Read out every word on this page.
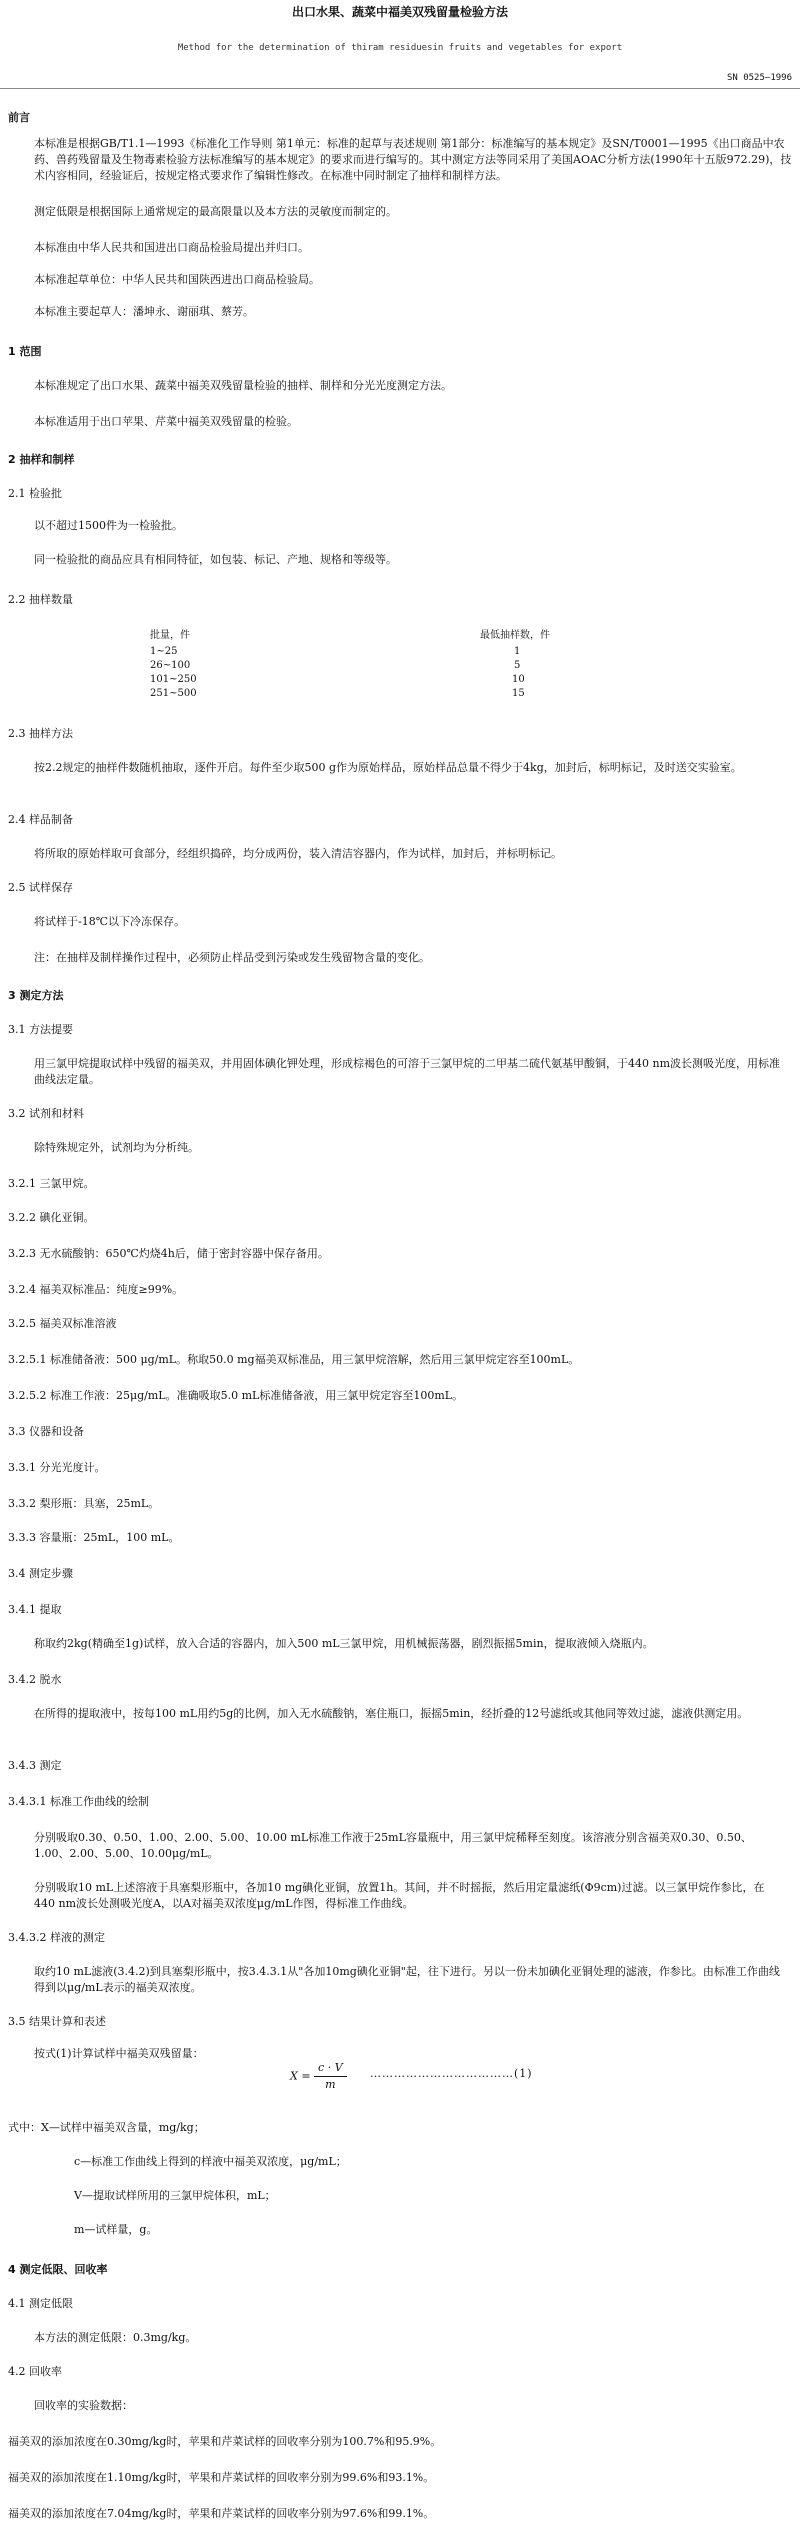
出口水果、蔬菜中福美双残留量检验方法
Method for the determination of thiram residuesin fruits and vegetables for export
SN 0525—1996
前言
本标准是根据GB/T1.1—1993《标准化工作导则 第1单元：标准的起草与表述规则 第1部分：标准编写的基本规定》及SN/T0001—1995《出口商品中农药、兽药残留量及生物毒素检验方法标准编写的基本规定》的要求而进行编写的。其中测定方法等同采用了美国AOAC分析方法(1990年十五版972.29)，技术内容相同，经验证后，按规定格式要求作了编辑性修改。在标准中同时制定了抽样和制样方法。
测定低限是根据国际上通常规定的最高限量以及本方法的灵敏度而制定的。
本标准由中华人民共和国进出口商品检验局提出并归口。
本标准起草单位：中华人民共和国陕西进出口商品检验局。
本标准主要起草人：潘坤永、谢丽琪、蔡芳。
1 范围
本标准规定了出口水果、蔬菜中福美双残留量检验的抽样、制样和分光光度测定方法。
本标准适用于出口苹果、芹菜中福美双残留量的检验。
2 抽样和制样
2.1 检验批
以不超过1500件为一检验批。
同一检验批的商品应具有相同特征，如包装、标记、产地、规格和等级等。
2.2 抽样数量
批量，件	最低抽样数，件
1~25	1
26~100	5
101~250	10
251~500	15
2.3 抽样方法
按2.2规定的抽样件数随机抽取，逐件开启。每件至少取500 g作为原始样品，原始样品总量不得少于4kg，加封后，标明标记，及时送交实验室。
2.4 样品制备
将所取的原始样取可食部分，经组织捣碎，均分成两份，装入清洁容器内，作为试样，加封后，并标明标记。
2.5 试样保存
将试样于-18℃以下冷冻保存。
注：在抽样及制样操作过程中，必须防止样品受到污染或发生残留物含量的变化。
3 测定方法
3.1 方法提要
用三氯甲烷提取试样中残留的福美双，并用固体碘化钾处理，形成棕褐色的可溶于三氯甲烷的二甲基二硫代氨基甲酸铜，于440 nm波长测吸光度，用标准曲线法定量。
3.2 试剂和材料
除特殊规定外，试剂均为分析纯。
3.2.1 三氯甲烷。
3.2.2 碘化亚铜。
3.2.3 无水硫酸钠：650℃灼烧4h后，储于密封容器中保存备用。
3.2.4 福美双标准品：纯度≥99%。
3.2.5 福美双标准溶液
3.2.5.1 标准储备液：500 μg/mL。称取50.0 mg福美双标准品，用三氯甲烷溶解，然后用三氯甲烷定容至100mL。
3.2.5.2 标准工作液：25μg/mL。准确吸取5.0 mL标准储备液，用三氯甲烷定容至100mL。
3.3 仪器和设备
3.3.1 分光光度计。
3.3.2 梨形瓶：具塞，25mL。
3.3.3 容量瓶：25mL，100 mL。
3.4 测定步骤
3.4.1 提取
称取约2kg(精确至1g)试样，放入合适的容器内，加入500 mL三氯甲烷，用机械振荡器，剧烈振摇5min，提取液倾入烧瓶内。
3.4.2 脱水
在所得的提取液中，按每100 mL用约5g的比例，加入无水硫酸钠，塞住瓶口，振摇5min，经折叠的12号滤纸或其他同等效过滤，滤液供测定用。
3.4.3 测定
3.4.3.1 标准工作曲线的绘制
分别吸取0.30、0.50、1.00、2.00、5.00、10.00 mL标准工作液于25mL容量瓶中，用三氯甲烷稀释至刻度。该溶液分别含福美双0.30、0.50、1.00、2.00、5.00、10.00μg/mL。
分别吸取10 mL上述溶液于具塞梨形瓶中，各加10 mg碘化亚铜，放置1h。其间，并不时摇振，然后用定量滤纸(Φ9cm)过滤。以三氯甲烷作参比，在440 nm波长处测吸光度A，以A对福美双浓度μg/mL作图，得标准工作曲线。
3.4.3.2 样液的测定
取约10 mL滤液(3.4.2)到具塞梨形瓶中，按3.4.3.1从"各加10mg碘化亚铜"起，往下进行。另以一份未加碘化亚铜处理的滤液，作参比。由标准工作曲线得到以μg/mL表示的福美双浓度。
3.5 结果计算和表述
按式(1)计算试样中福美双残留量：
$X = \frac{c \cdot V}{m}$ ………………………………(1)
式中：X—试样中福美双含量，mg/kg；
c—标准工作曲线上得到的样液中福美双浓度，μg/mL；
V—提取试样所用的三氯甲烷体积，mL；
m—试样量，g。
4 测定低限、回收率
4.1 测定低限
本方法的测定低限：0.3mg/kg。
4.2 回收率
回收率的实验数据：
福美双的添加浓度在0.30mg/kg时，苹果和芹菜试样的回收率分别为100.7%和95.9%。
福美双的添加浓度在1.10mg/kg时，苹果和芹菜试样的回收率分别为99.6%和93.1%。
福美双的添加浓度在7.04mg/kg时，苹果和芹菜试样的回收率分别为97.6%和99.1%。
